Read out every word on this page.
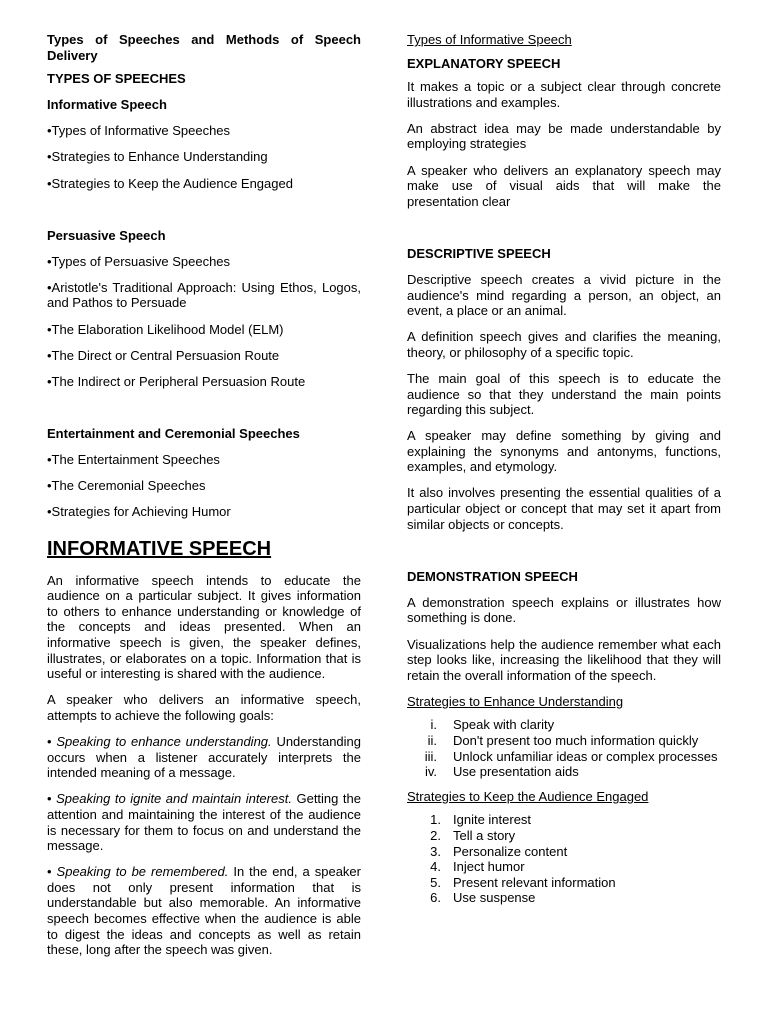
Types of Speeches and Methods of Speech Delivery

TYPES OF SPEECHES

Informative Speech

•Types of Informative Speeches

•Strategies to Enhance Understanding

•Strategies to Keep the Audience Engaged

Persuasive Speech

•Types of Persuasive Speeches

•Aristotle's Traditional Approach: Using Ethos, Logos, and Pathos to Persuade

•The Elaboration Likelihood Model (ELM)

•The Direct or Central Persuasion Route

•The Indirect or Peripheral Persuasion Route

Entertainment and Ceremonial Speeches

•The Entertainment Speeches

•The Ceremonial Speeches

•Strategies for Achieving Humor

INFORMATIVE SPEECH

An informative speech intends to educate the audience on a particular subject. It gives information to others to enhance understanding or knowledge of the concepts and ideas presented. When an informative speech is given, the speaker defines, illustrates, or elaborates on a topic. Information that is useful or interesting is shared with the audience.

A speaker who delivers an informative speech, attempts to achieve the following goals:

• Speaking to enhance understanding. Understanding occurs when a listener accurately interprets the intended meaning of a message.

• Speaking to ignite and maintain interest. Getting the attention and maintaining the interest of the audience is necessary for them to focus on and understand the message.

• Speaking to be remembered. In the end, a speaker does not only present information that is understandable but also memorable. An informative speech becomes effective when the audience is able to digest the ideas and concepts as well as retain these, long after the speech was given.

Types of Informative Speech

EXPLANATORY SPEECH

It makes a topic or a subject clear through concrete illustrations and examples.

An abstract idea may be made understandable by employing strategies

A speaker who delivers an explanatory speech may make use of visual aids that will make the presentation clear

DESCRIPTIVE SPEECH

Descriptive speech creates a vivid picture in the audience's mind regarding a person, an object, an event, a place or an animal.

A definition speech gives and clarifies the meaning, theory, or philosophy of a specific topic.

The main goal of this speech is to educate the audience so that they understand the main points regarding this subject.

A speaker may define something by giving and explaining the synonyms and antonyms, functions, examples, and etymology.

It also involves presenting the essential qualities of a particular object or concept that may set it apart from similar objects or concepts.

DEMONSTRATION SPEECH

A demonstration speech explains or illustrates how something is done.

Visualizations help the audience remember what each step looks like, increasing the likelihood that they will retain the overall information of the speech.

Strategies to Enhance Understanding

i. Speak with clarity
ii. Don't present too much information quickly
iii. Unlock unfamiliar ideas or complex processes
iv. Use presentation aids

Strategies to Keep the Audience Engaged

1. Ignite interest
2. Tell a story
3. Personalize content
4. Inject humor
5. Present relevant information
6. Use suspense
